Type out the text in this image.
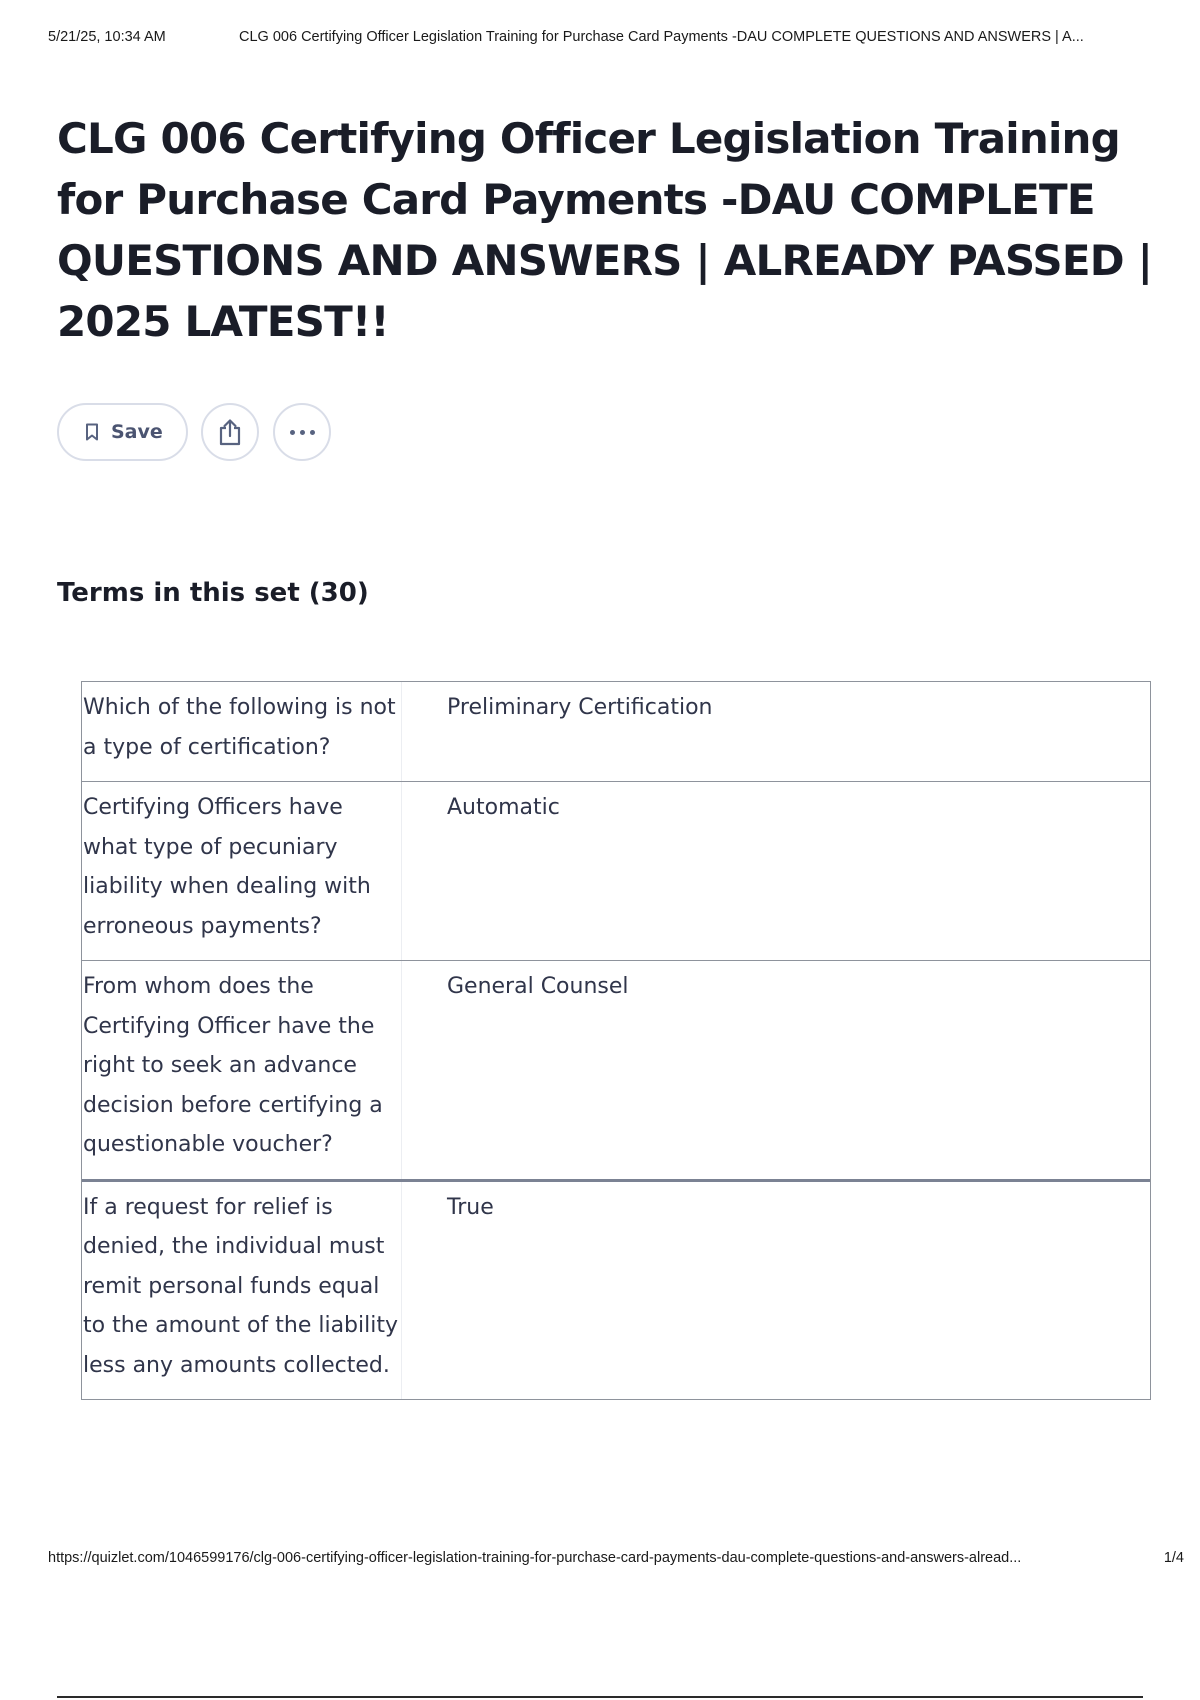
5/21/25, 10:34 AM	CLG 006 Certifying Officer Legislation Training for Purchase Card Payments -DAU COMPLETE QUESTIONS AND ANSWERS | A...
CLG 006 Certifying Officer Legislation Training for Purchase Card Payments -DAU COMPLETE QUESTIONS AND ANSWERS | ALREADY PASSED | 2025 LATEST!!
Save
Terms in this set (30)
Which of the following is not a type of certification?
Preliminary Certification
Certifying Officers have what type of pecuniary liability when dealing with erroneous payments?
Automatic
From whom does the Certifying Officer have the right to seek an advance decision before certifying a questionable voucher?
General Counsel
If a request for relief is denied, the individual must remit personal funds equal to the amount of the liability less any amounts collected.
True
https://quizlet.com/1046599176/clg-006-certifying-officer-legislation-training-for-purchase-card-payments-dau-complete-questions-and-answers-alread...	1/4
